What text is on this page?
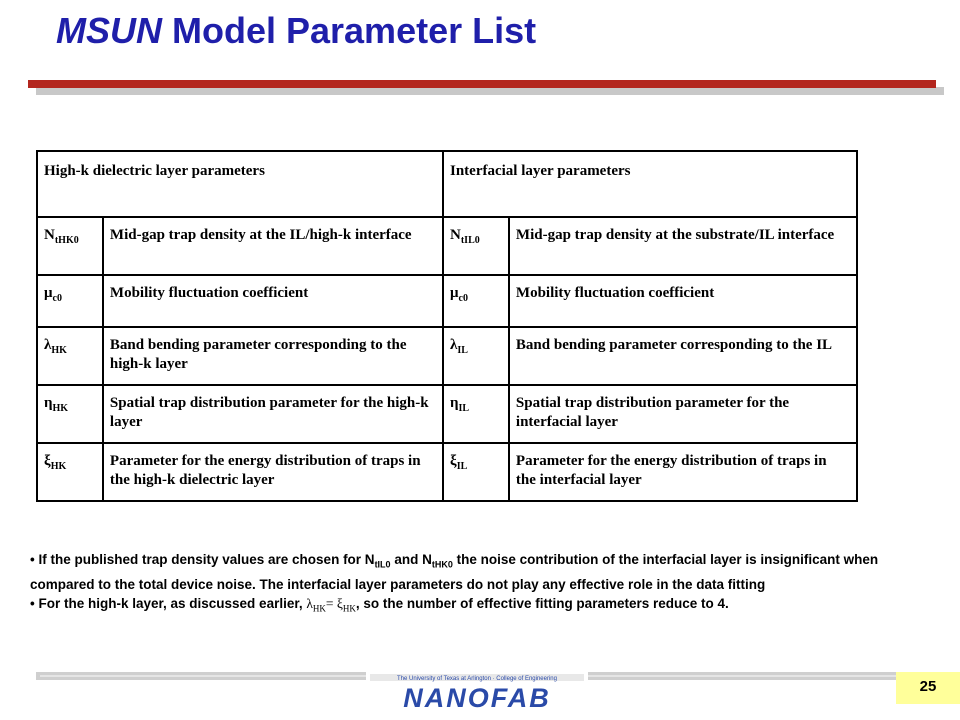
MSUN Model Parameter List
High-k dielectric layer parameters		Interfacial layer parameters	
$N_{tHK0}$	Mid-gap trap density at the IL/high-k interface	$N_{tIL0}$	Mid-gap trap density at the substrate/IL interface
$\mu_{c0}$	Mobility fluctuation coefficient	$\mu_{c0}$	Mobility fluctuation coefficient
$\lambda_{HK}$	Band bending parameter corresponding to the high-k layer	$\lambda_{IL}$	Band bending parameter corresponding to the IL
$\eta_{HK}$	Spatial trap distribution parameter for the high-k layer	$\eta_{IL}$	Spatial trap distribution parameter for the interfacial layer
$\xi_{HK}$	Parameter for the energy distribution of traps in the high-k dielectric layer	$\xi_{IL}$	Parameter for the energy distribution of traps in the interfacial layer
• If the published trap density values are chosen for $N_{tIL0}$ and $N_{tHK0}$ the noise contribution of the interfacial layer is insignificant when compared to the total device noise. The interfacial layer parameters do not play any effective role in the data fitting
• For the high-k layer, as discussed earlier, $\lambda_{HK}= \xi_{HK}$, so the number of effective fitting parameters reduce to 4.
The University of Texas at Arlington · College of Engineering
NANOFAB	25
